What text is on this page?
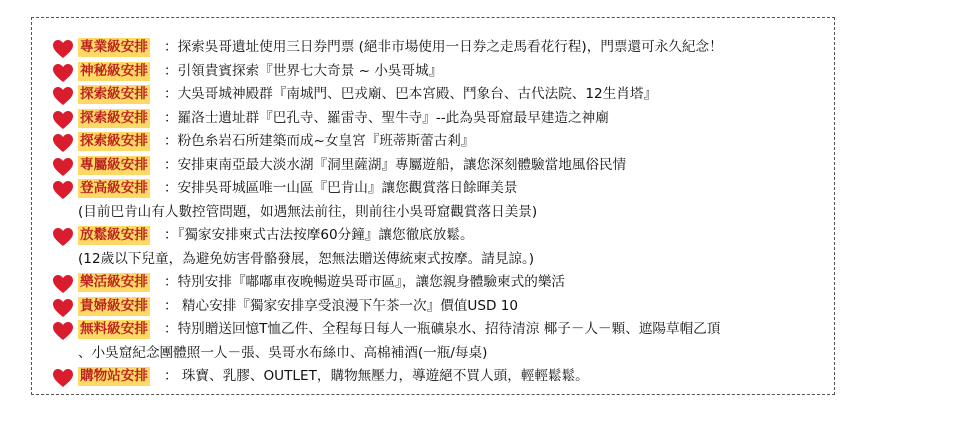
專業級安排 ：探索吳哥遺址使用三日券門票 (絕非市場使用一日券之走馬看花行程)，門票還可永久紀念！
神秘級安排 ：引領貴賓探索『世界七大奇景 ~ 小吳哥城』
探索級安排 ：大吳哥城神殿群『南城門、巴戎廟、巴本宮殿、鬥象台、古代法院、12生肖塔』
探索級安排 ：羅洛士遺址群『巴孔寺、羅雷寺、聖牛寺』--此為吳哥窟最早建造之神廟
探索級安排 ：粉色糸岩石所建築而成~女皇宮『班蒂斯蕾古剎』
專屬級安排 ：安排東南亞最大淡水湖『洞里薩湖』專屬遊船，讓您深刻體驗當地風俗民情
登高級安排 ：安排吳哥城區唯一山區『巴肯山』讓您觀賞落日餘暉美景
(目前巴肯山有人數控管問題，如遇無法前往，則前往小吳哥窟觀賞落日美景)
放鬆級安排 ：『獨家安排柬式古法按摩60分鐘』讓您徹底放鬆。
(12歲以下兒童，為避免妨害骨骼發展，恕無法贈送傳統柬式按摩。請見諒。)
樂活級安排 ：特別安排『嘟嘟車夜晚暢遊吳哥市區』，讓您親身體驗柬式的樂活
貴婦級安排 ： 精心安排『獨家安排享受浪漫下午茶一次』價值USD 10
無料級安排 ：特別贈送回憶T恤乙件、全程每日每人一瓶礦泉水、招待清涼 椰子－人－顆、遮陽草帽乙頂
、小吳窟紀念團體照一人－張、吳哥水布絲巾、高棉補酒(一瓶/每桌)
購物站安排 ： 珠寶、乳膠、OUTLET，購物無壓力，導遊絕不買人頭，輕輕鬆鬆。
